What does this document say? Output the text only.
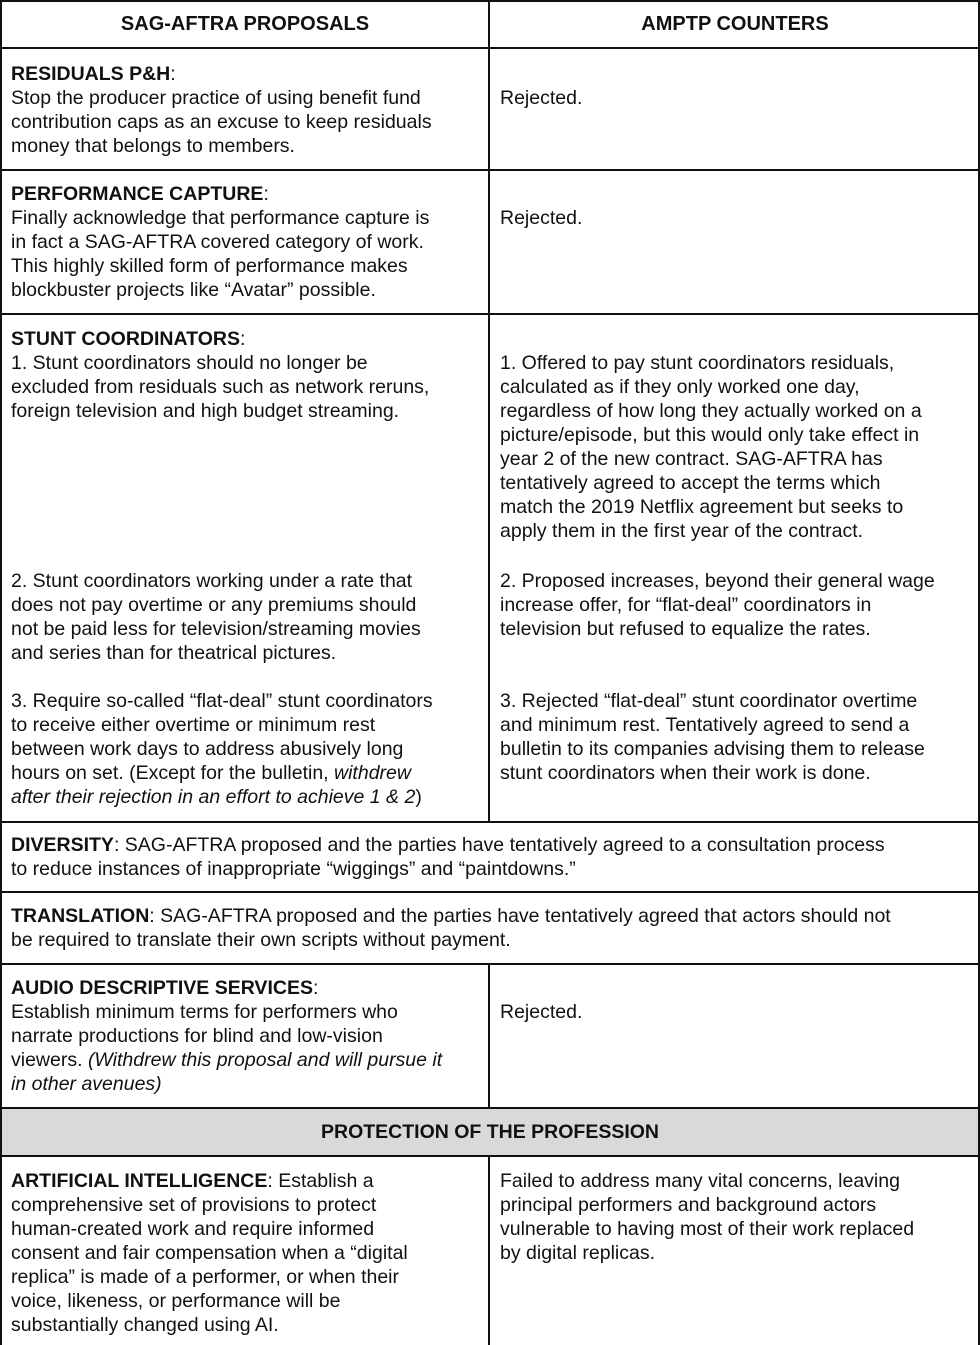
SAG-AFTRA PROPOSALS	AMPTP COUNTERS

RESIDUALS P&H:

Stop the producer practice of using benefit fund

contribution caps as an excuse to keep residuals

money that belongs to members.

Rejected.

PERFORMANCE CAPTURE:

Finally acknowledge that performance capture is

in fact a SAG-AFTRA covered category of work.

This highly skilled form of performance makes

blockbuster projects like “Avatar” possible.

Rejected.

STUNT COORDINATORS:

1. Stunt coordinators should no longer be

excluded from residuals such as network reruns,

foreign television and high budget streaming.

2. Stunt coordinators working under a rate that

does not pay overtime or any premiums should

not be paid less for television/streaming movies

and series than for theatrical pictures.

3. Require so-called “flat-deal” stunt coordinators

to receive either overtime or minimum rest

between work days to address abusively long

hours on set. (Except for the bulletin, withdrew

after their rejection in an effort to achieve 1 & 2)

1. Offered to pay stunt coordinators residuals,

calculated as if they only worked one day,

regardless of how long they actually worked on a

picture/episode, but this would only take effect in

year 2 of the new contract. SAG-AFTRA has

tentatively agreed to accept the terms which

match the 2019 Netflix agreement but seeks to

apply them in the first year of the contract.

2. Proposed increases, beyond their general wage

increase offer, for “flat-deal” coordinators in

television but refused to equalize the rates.

3. Rejected “flat-deal” stunt coordinator overtime

and minimum rest. Tentatively agreed to send a

bulletin to its companies advising them to release

stunt coordinators when their work is done.

DIVERSITY: SAG-AFTRA proposed and the parties have tentatively agreed to a consultation process

to reduce instances of inappropriate “wiggings” and “paintdowns.”

TRANSLATION: SAG-AFTRA proposed and the parties have tentatively agreed that actors should not

be required to translate their own scripts without payment.

AUDIO DESCRIPTIVE SERVICES:

Establish minimum terms for performers who

narrate productions for blind and low-vision

viewers. (Withdrew this proposal and will pursue it

in other avenues)

Rejected.

PROTECTION OF THE PROFESSION

ARTIFICIAL INTELLIGENCE: Establish a

comprehensive set of provisions to protect

human-created work and require informed

consent and fair compensation when a “digital

replica” is made of a performer, or when their

voice, likeness, or performance will be

substantially changed using AI.

Failed to address many vital concerns, leaving

principal performers and background actors

vulnerable to having most of their work replaced

by digital replicas.
